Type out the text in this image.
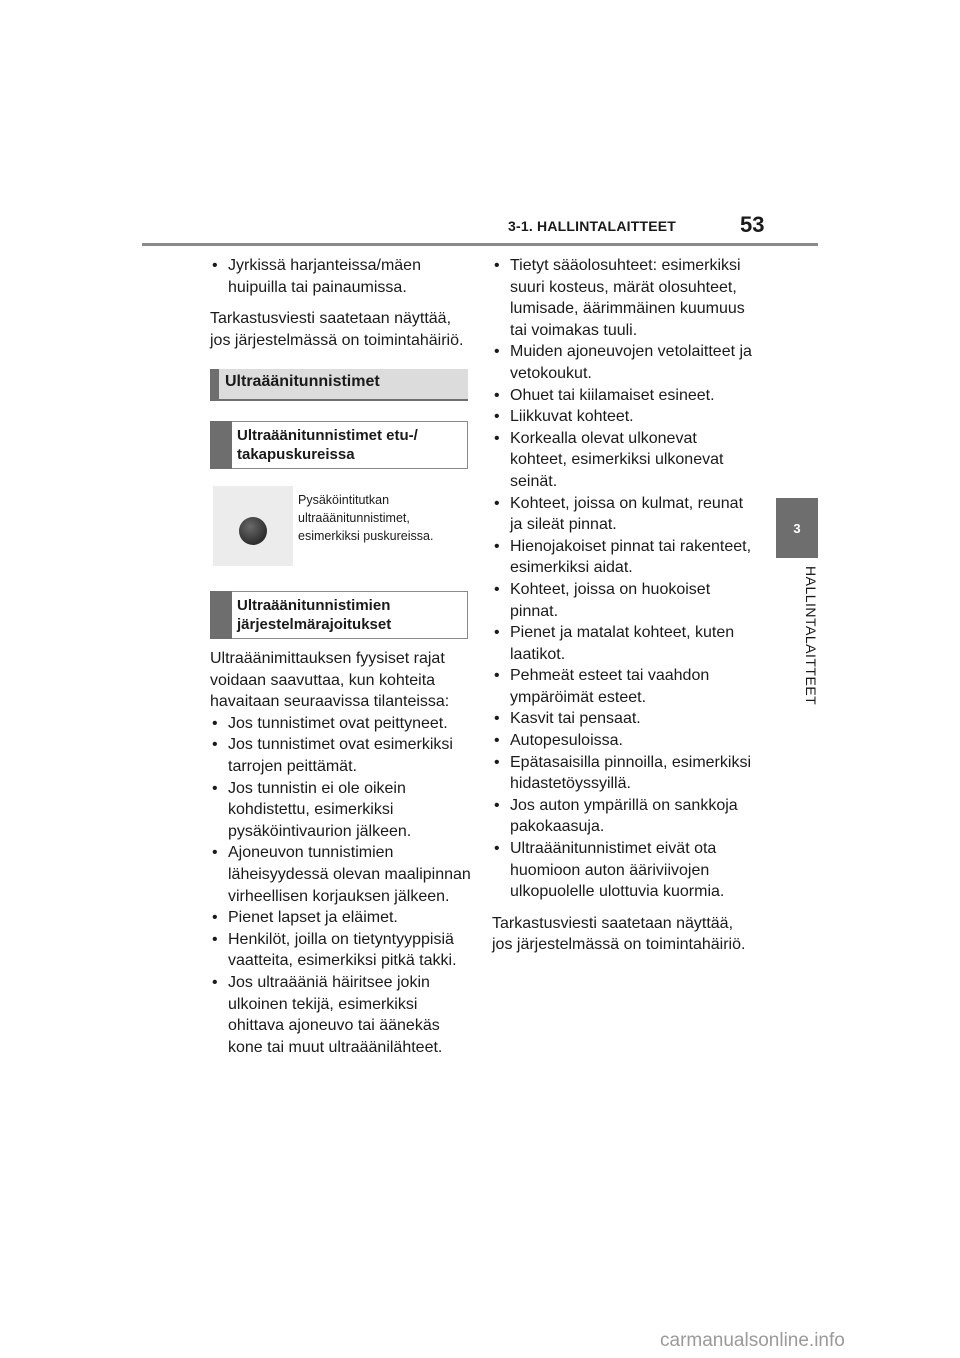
3-1. HALLINTALAITTEET	53
3
HALLINTALAITTEET

• Jyrkissä harjanteissa/mäen huipuilla tai painaumissa.

Tarkastusviesti saatetaan näyttää, jos järjestelmässä on toimintahäiriö.

Ultraäänitunnistimet
Ultraäänitunnistimet etu-/ takapuskureissa
Pysäköintitutkan ultraäänitunnistimet, esimerkiksi puskureissa.
Ultraäänitunnistimien järjestelmärajoitukset

Ultraäänimittauksen fyysiset rajat voidaan saavuttaa, kun kohteita havaitaan seuraavissa tilanteissa:

• Jos tunnistimet ovat peittyneet.

• Jos tunnistimet ovat esimerkiksi tarrojen peittämät.

• Jos tunnistin ei ole oikein kohdistettu, esimerkiksi pysäköintivaurion jälkeen.

• Ajoneuvon tunnistimien läheisyydessä olevan maalipinnan virheellisen korjauksen jälkeen.

• Pienet lapset ja eläimet.

• Henkilöt, joilla on tietyntyyppisiä vaatteita, esimerkiksi pitkä takki.

• Jos ultraääniä häiritsee jokin ulkoinen tekijä, esimerkiksi ohittava ajoneuvo tai äänekäs kone tai muut ultraäänilähteet.

• Tietyt sääolosuhteet: esimerkiksi suuri kosteus, märät olosuhteet, lumisade, äärimmäinen kuumuus tai voimakas tuuli.

• Muiden ajoneuvojen vetolaitteet ja vetokoukut.

• Ohuet tai kiilamaiset esineet.

• Liikkuvat kohteet.

• Korkealla olevat ulkonevat kohteet, esimerkiksi ulkonevat seinät.

• Kohteet, joissa on kulmat, reunat ja sileät pinnat.

• Hienojakoiset pinnat tai rakenteet, esimerkiksi aidat.

• Kohteet, joissa on huokoiset pinnat.

• Pienet ja matalat kohteet, kuten laatikot.

• Pehmeät esteet tai vaahdon ympäröimät esteet.

• Kasvit tai pensaat.

• Autopesuloissa.

• Epätasaisilla pinnoilla, esimerkiksi hidastetöyssyillä.

• Jos auton ympärillä on sankkoja pakokaasuja.

• Ultraäänitunnistimet eivät ota huomioon auton ääriviivojen ulkopuolelle ulottuvia kuormia.

Tarkastusviesti saatetaan näyttää, jos järjestelmässä on toimintahäiriö.

carmanualsonline.info
